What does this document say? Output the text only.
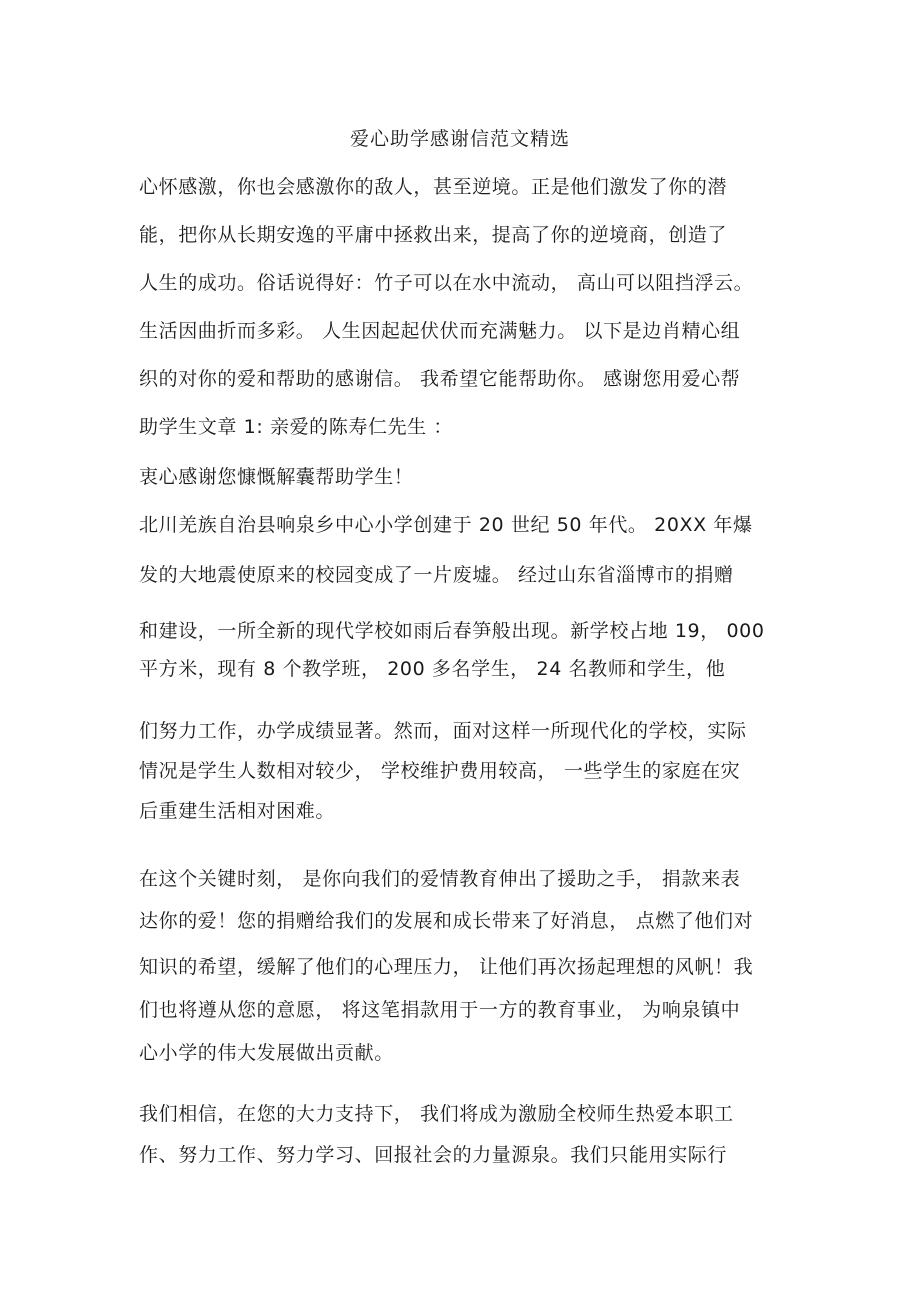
爱心助学感谢信范文精选
心怀感激，你也会感激你的敌人，甚至逆境。正是他们激发了你的潜
能，把你从长期安逸的平庸中拯救出来，提高了你的逆境商，创造了
人生的成功。俗话说得好：竹子可以在水中流动， 高山可以阻挡浮云。
生活因曲折而多彩。 人生因起起伏伏而充满魅力。 以下是边肖精心组
织的对你的爱和帮助的感谢信。 我希望它能帮助你。 感谢您用爱心帮
助学生文章 1: 亲爱的陈寿仁先生 ：
衷心感谢您慷慨解囊帮助学生！
北川羌族自治县响泉乡中心小学创建于 20 世纪 50 年代。 20XX 年爆
发的大地震使原来的校园变成了一片废墟。 经过山东省淄博市的捐赠
和建设，一所全新的现代学校如雨后春笋般出现。新学校占地 19， 000
平方米，现有 8 个教学班， 200 多名学生， 24 名教师和学生，他
们努力工作，办学成绩显著。然而，面对这样一所现代化的学校，实际
情况是学生人数相对较少， 学校维护费用较高， 一些学生的家庭在灾
后重建生活相对困难。
在这个关键时刻， 是你向我们的爱情教育伸出了援助之手， 捐款来表
达你的爱！您的捐赠给我们的发展和成长带来了好消息， 点燃了他们对
知识的希望，缓解了他们的心理压力， 让他们再次扬起理想的风帆！我
们也将遵从您的意愿， 将这笔捐款用于一方的教育事业， 为响泉镇中
心小学的伟大发展做出贡献。
我们相信，在您的大力支持下， 我们将成为激励全校师生热爱本职工
作、努力工作、努力学习、回报社会的力量源泉。我们只能用实际行
